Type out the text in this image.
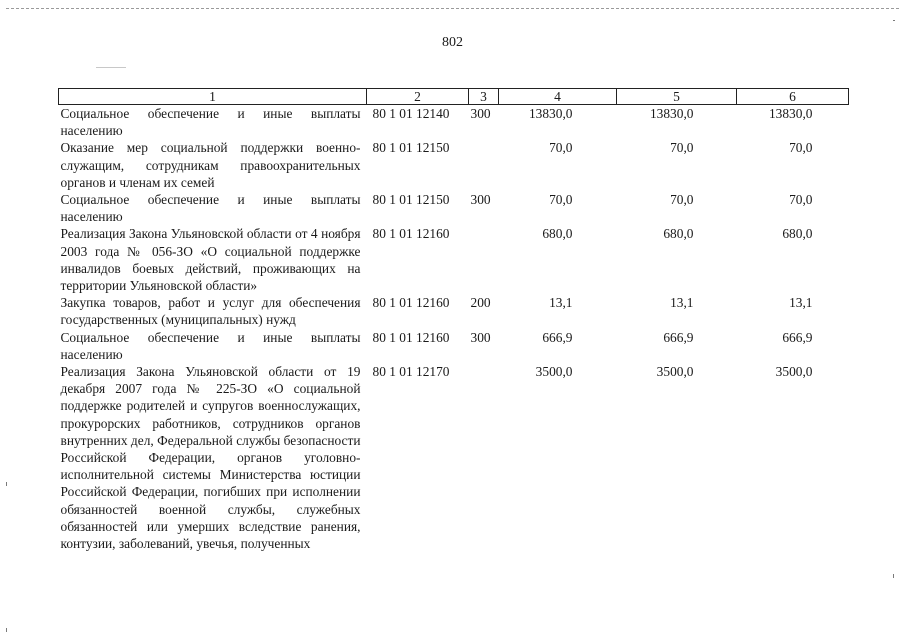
802
1	2	3	4	5	6
Социальное обеспечение и иные выплаты населению	80 1 01 12140	300	13830,0	13830,0	13830,0
Оказание мер социальной поддержки военно-служащим, сотрудникам правоохранительных органов и членам их семей	80 1 01 12150		70,0	70,0	70,0
Социальное обеспечение и иные выплаты населению	80 1 01 12150	300	70,0	70,0	70,0
Реализация Закона Ульяновской области от 4 ноября 2003 года № 056-ЗО «О социальной поддержке инвалидов боевых действий, проживающих на территории Ульяновской области»	80 1 01 12160		680,0	680,0	680,0
Закупка товаров, работ и услуг для обеспечения государственных (муниципальных) нужд	80 1 01 12160	200	13,1	13,1	13,1
Социальное обеспечение и иные выплаты населению	80 1 01 12160	300	666,9	666,9	666,9
Реализация Закона Ульяновской области от 19 декабря 2007 года № 225-ЗО «О социальной поддержке родителей и супругов военнослужащих, прокурорских работников, сотрудников органов внутренних дел, Федеральной службы безопасности Российской Федерации, органов уголовно-исполнительной системы Министерства юстиции Российской Федерации, погибших при исполнении обязанностей военной службы, служебных обязанностей или умерших вследствие ранения, контузии, заболеваний, увечья, полученных	80 1 01 12170		3500,0	3500,0	3500,0
